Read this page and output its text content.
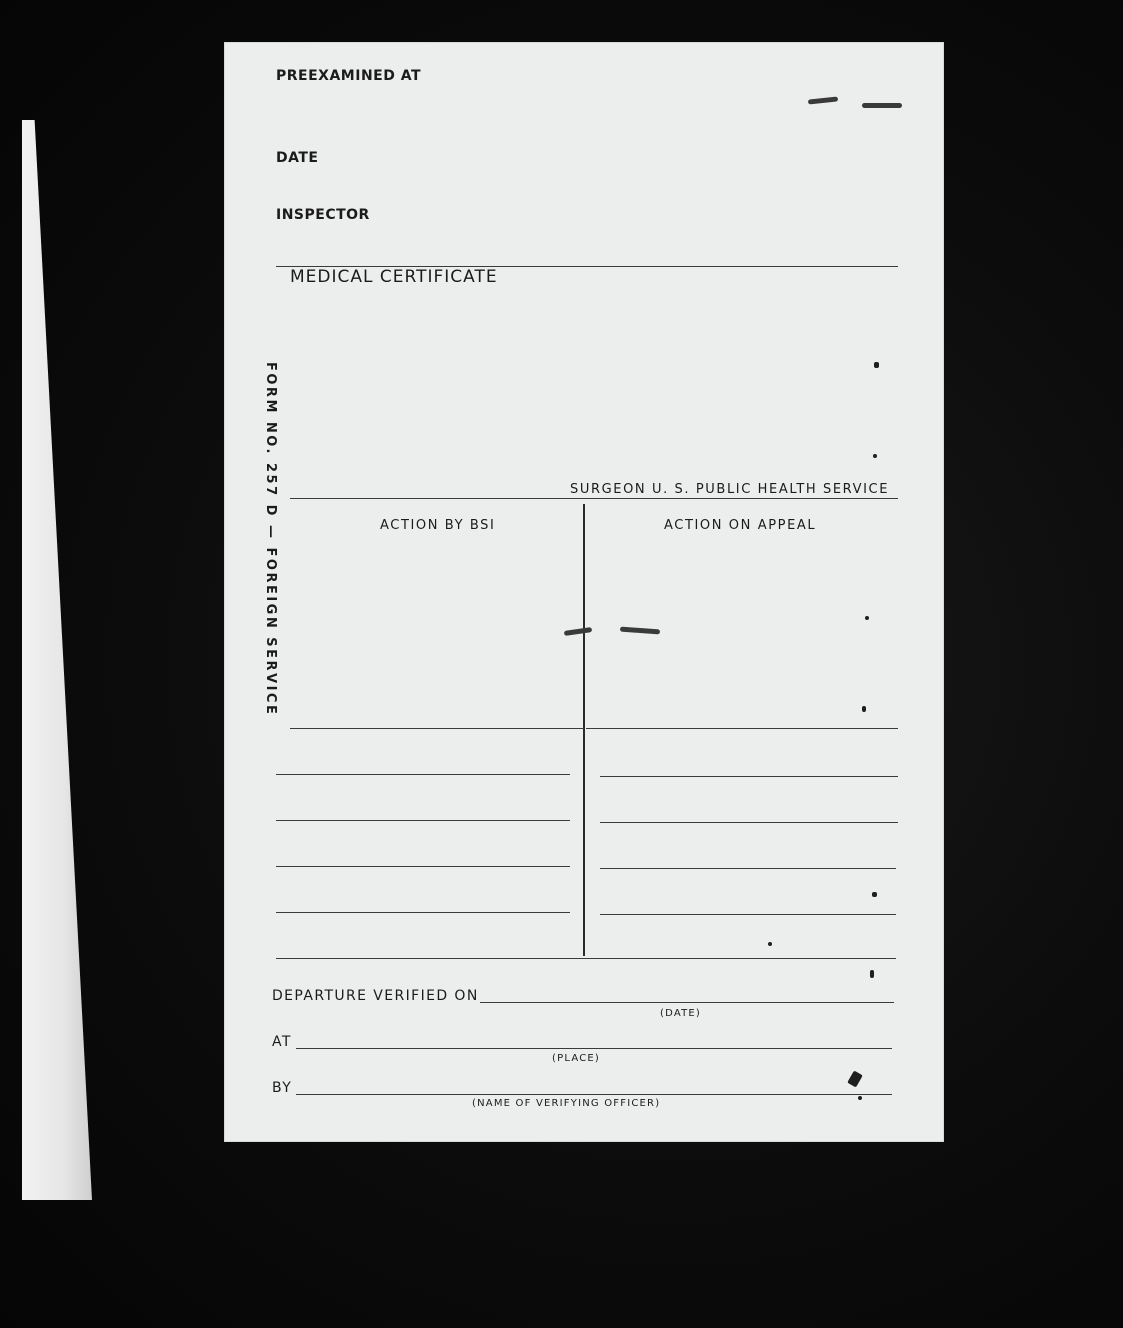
PREEXAMINED AT
DATE
INSPECTOR
MEDICAL CERTIFICATE
FORM NO. 257 D — FOREIGN SERVICE	SURGEON U. S. PUBLIC HEALTH SERVICE
ACTION BY BSI	ACTION ON APPEAL
DEPARTURE VERIFIED ON
(DATE)
AT
(PLACE)
BY
(NAME OF VERIFYING OFFICER)
